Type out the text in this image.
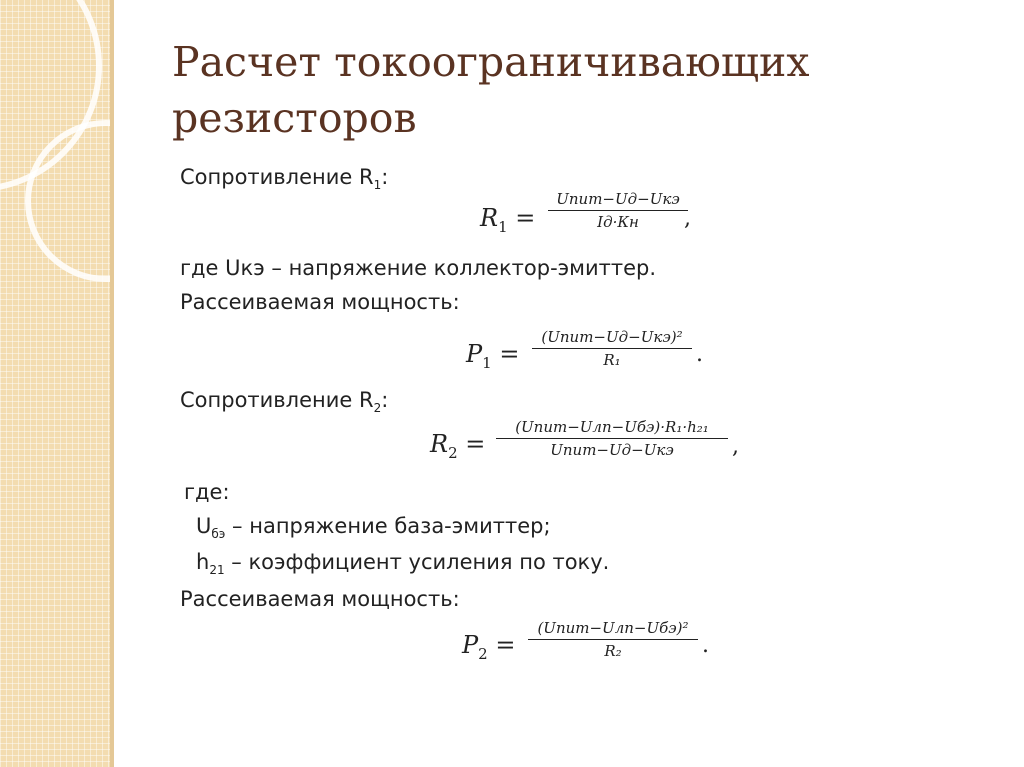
Расчет токоограничивающих резисторов

Сопротивление $R_1$:

$R_1$ =
Uпит−Uд−Uкэ
Iд·Кн	,

где Uкэ – напряжение коллектор-эмиттер.

Рассеиваемая мощность:

$P_1$ =
(Uпит−Uд−Uкэ)²
R₁	.

Сопротивление $R_2$:

$R_2$ =
(Uпит−Uлп−Uбэ)·R₁·h₂₁
Uпит−Uд−Uкэ	,

где:

$U_{бэ}$ – напряжение база-эмиттер;

$h_{21}$ – коэффициент усиления по току.

Рассеиваемая мощность:

$P_2$ =
(Uпит−Uлп−Uбэ)²
R₂	.
